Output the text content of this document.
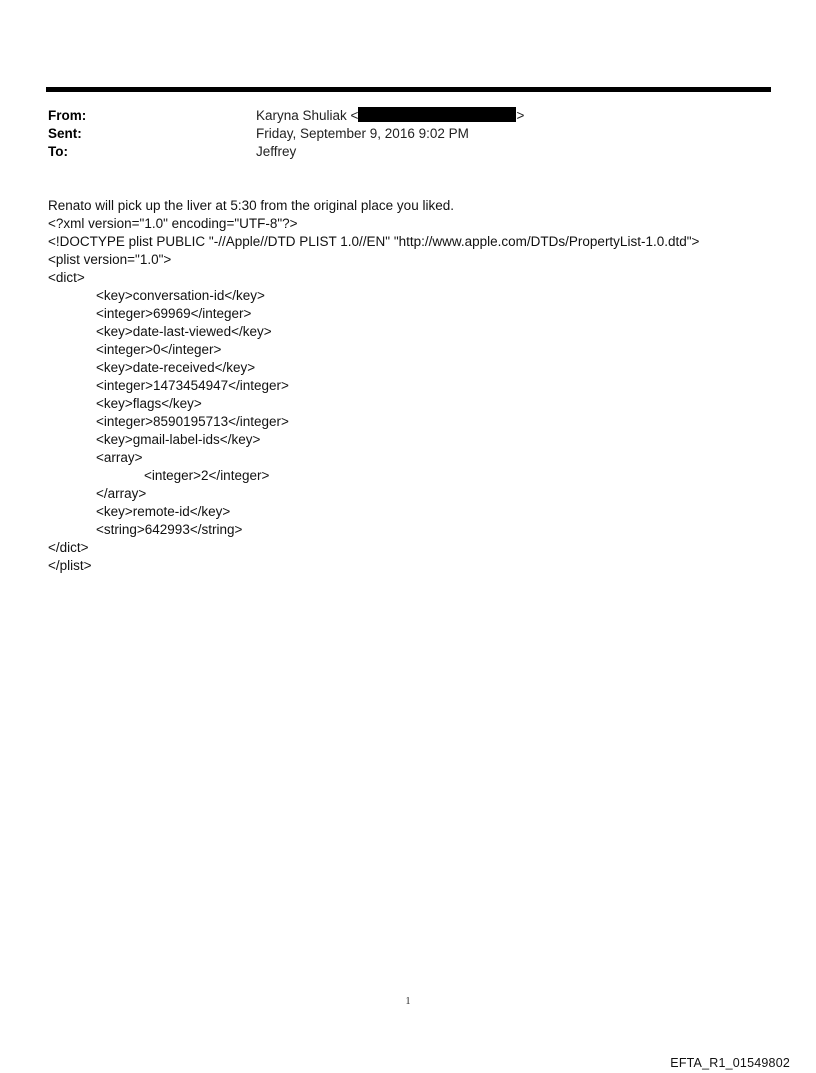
From:	Karyna Shuliak <	>
Sent:	Friday, September 9, 2016 9:02 PM
To:	Jeffrey
Renato will pick up the liver at 5:30 from the original place you liked.
<?xml version="1.0" encoding="UTF-8"?>
<!DOCTYPE plist PUBLIC "-//Apple//DTD PLIST 1.0//EN" "http://www.apple.com/DTDs/PropertyList-1.0.dtd">
<plist version="1.0">
<dict>
<key>conversation-id</key>
<integer>69969</integer>
<key>date-last-viewed</key>
<integer>0</integer>
<key>date-received</key>
<integer>1473454947</integer>
<key>flags</key>
<integer>8590195713</integer>
<key>gmail-label-ids</key>
<array>
<integer>2</integer>
</array>
<key>remote-id</key>
<string>642993</string>
</dict>
</plist>
1
EFTA_R1_01549802
